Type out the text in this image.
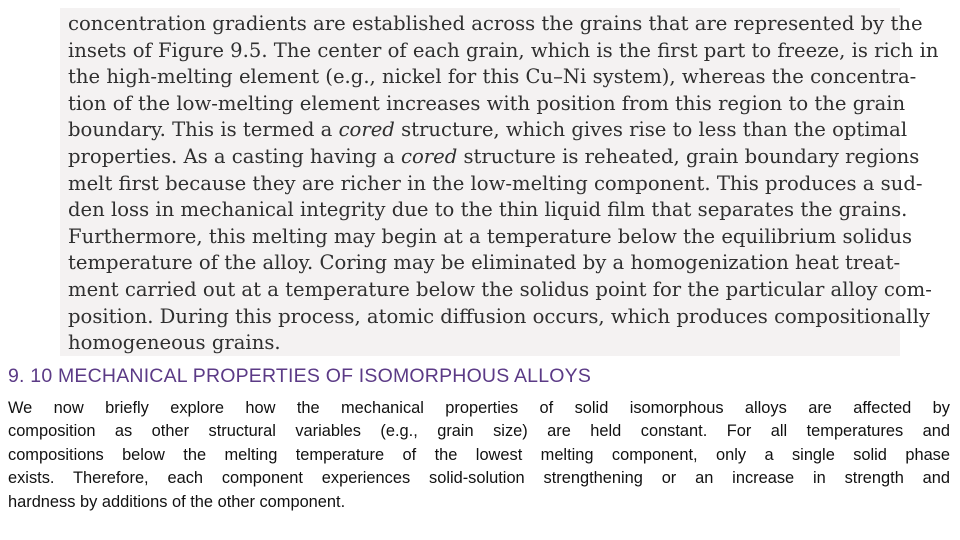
concentration gradients are established across the grains that are represented by the
insets of Figure 9.5. The center of each grain, which is the first part to freeze, is rich in
the high-melting element (e.g., nickel for this Cu–Ni system), whereas the concentra-
tion of the low-melting element increases with position from this region to the grain
boundary. This is termed a cored structure, which gives rise to less than the optimal
properties. As a casting having a cored structure is reheated, grain boundary regions
melt first because they are richer in the low-melting component. This produces a sud-
den loss in mechanical integrity due to the thin liquid film that separates the grains.
Furthermore, this melting may begin at a temperature below the equilibrium solidus
temperature of the alloy. Coring may be eliminated by a homogenization heat treat-
ment carried out at a temperature below the solidus point for the particular alloy com-
position. During this process, atomic diffusion occurs, which produces compositionally
homogeneous grains.

9. 10 MECHANICAL PROPERTIES OF ISOMORPHOUS ALLOYS

We now briefly explore how the mechanical properties of solid isomorphous alloys are affected by
composition as other structural variables (e.g., grain size) are held constant. For all temperatures and
compositions below the melting temperature of the lowest melting component, only a single solid phase
exists. Therefore, each component experiences solid-solution strengthening or an increase in strength and
hardness by additions of the other component.
